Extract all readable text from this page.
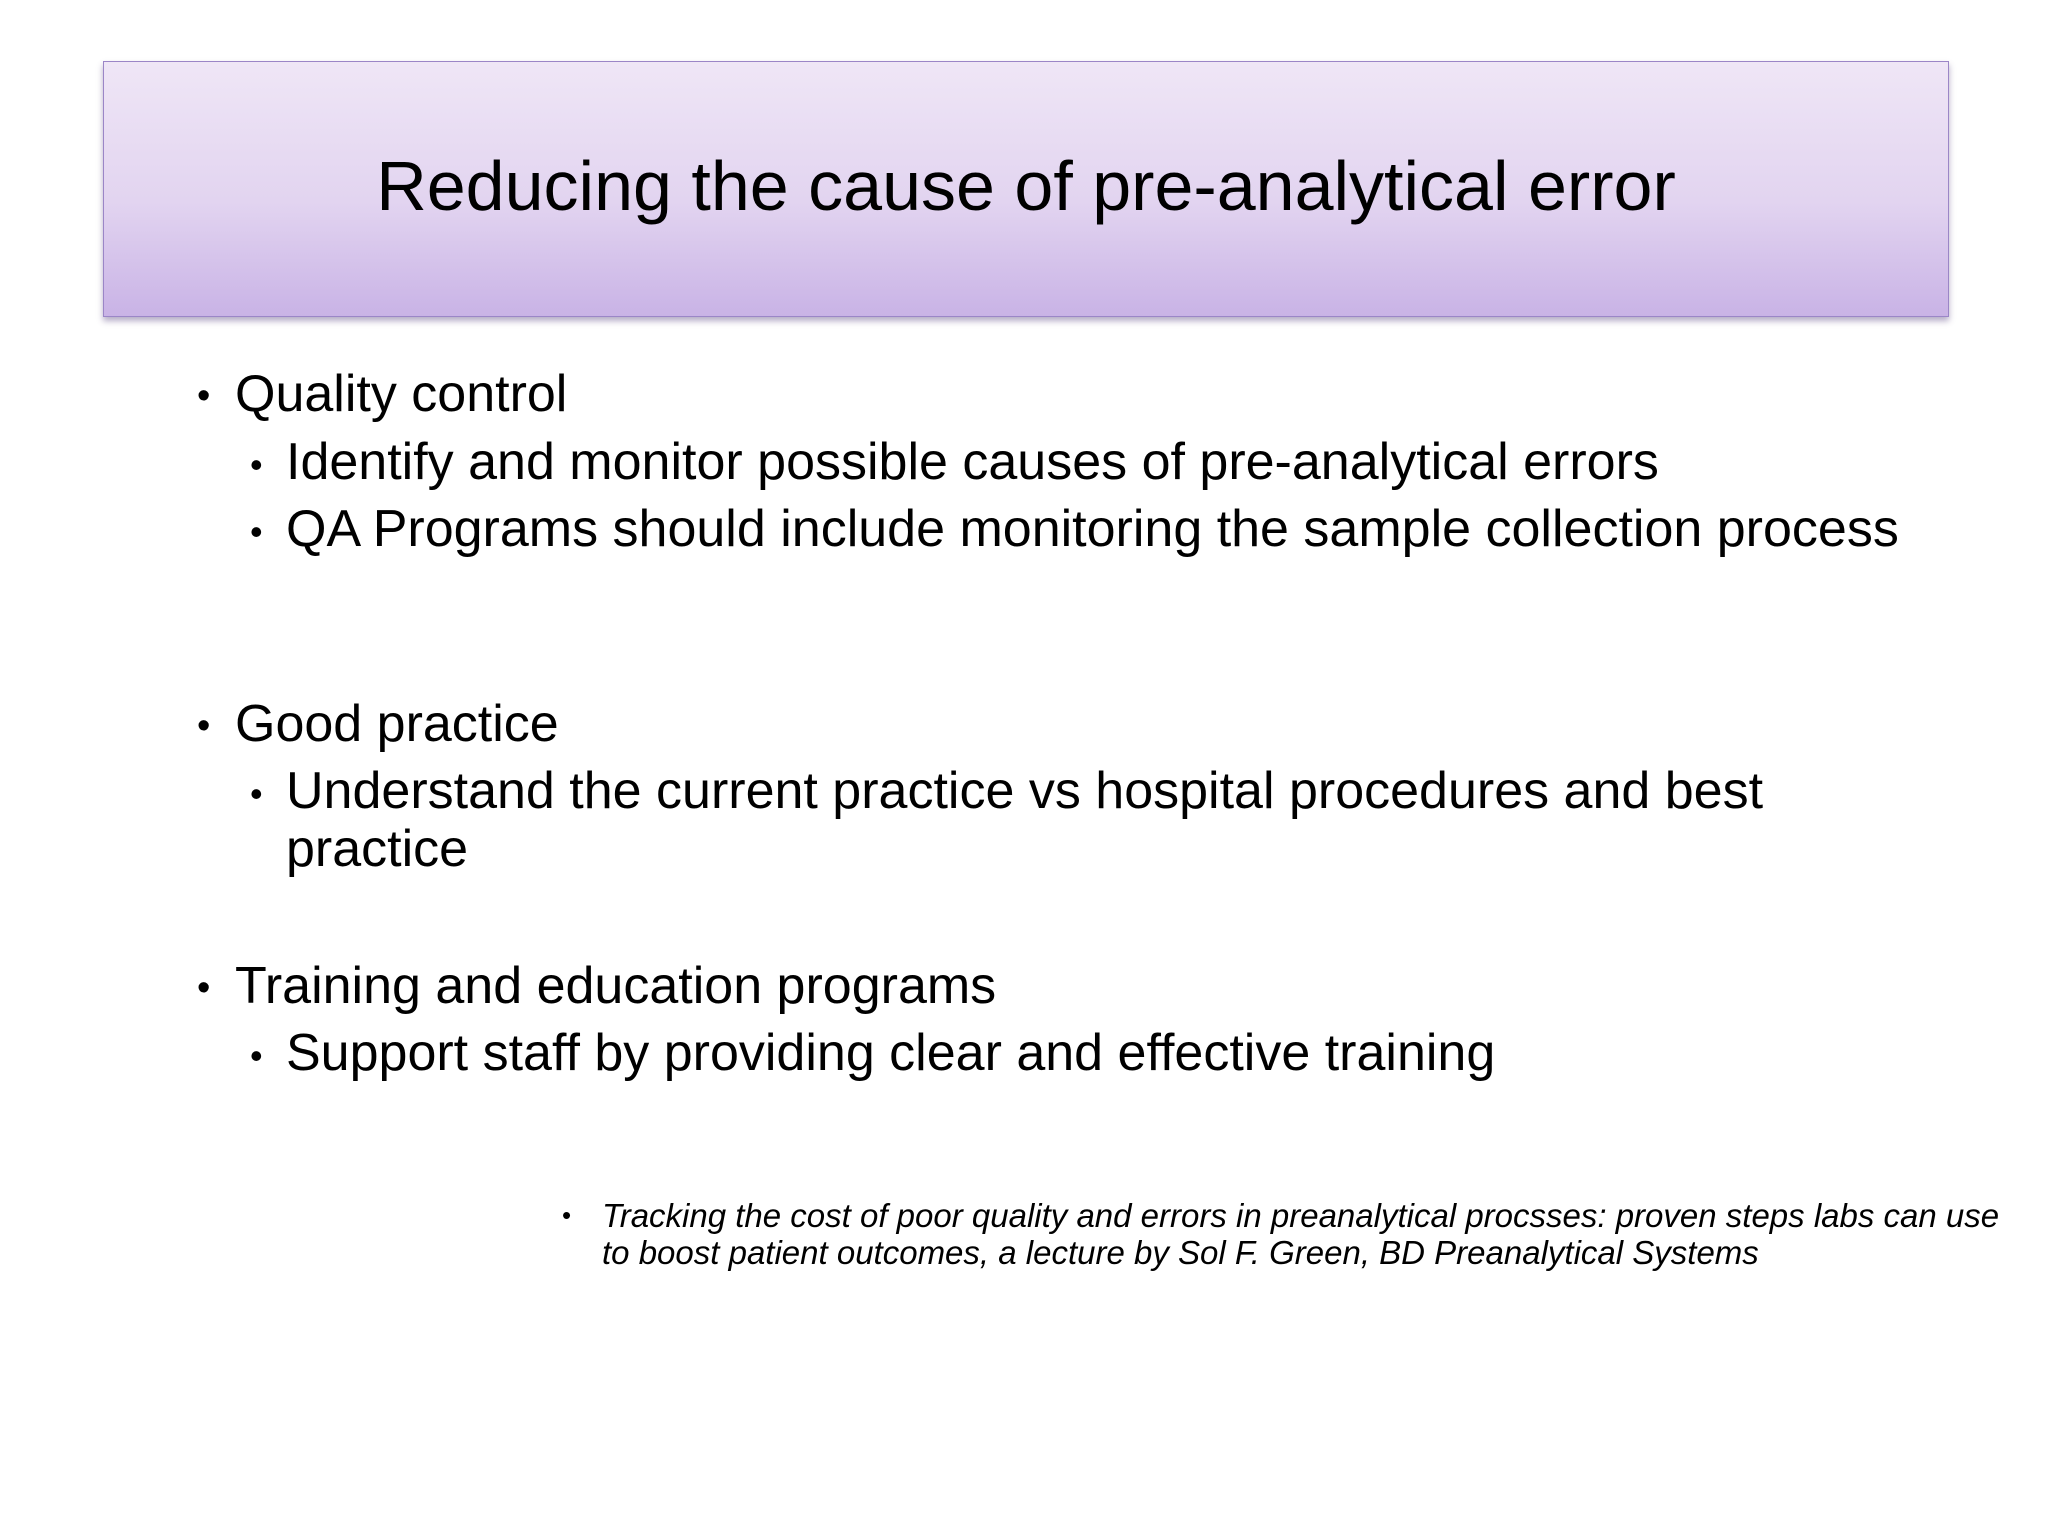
Reducing the cause of pre-analytical error
• Quality control
• Identify and monitor possible causes of pre-analytical errors
• QA Programs should include monitoring the sample collection process
• Good practice
• Understand the current practice vs hospital procedures and best practice
• Training and education programs
• Support staff by providing clear and effective training
• Tracking the cost of poor quality and errors in preanalytical procsses: proven steps labs can use to boost patient outcomes, a lecture by Sol F. Green, BD Preanalytical Systems
